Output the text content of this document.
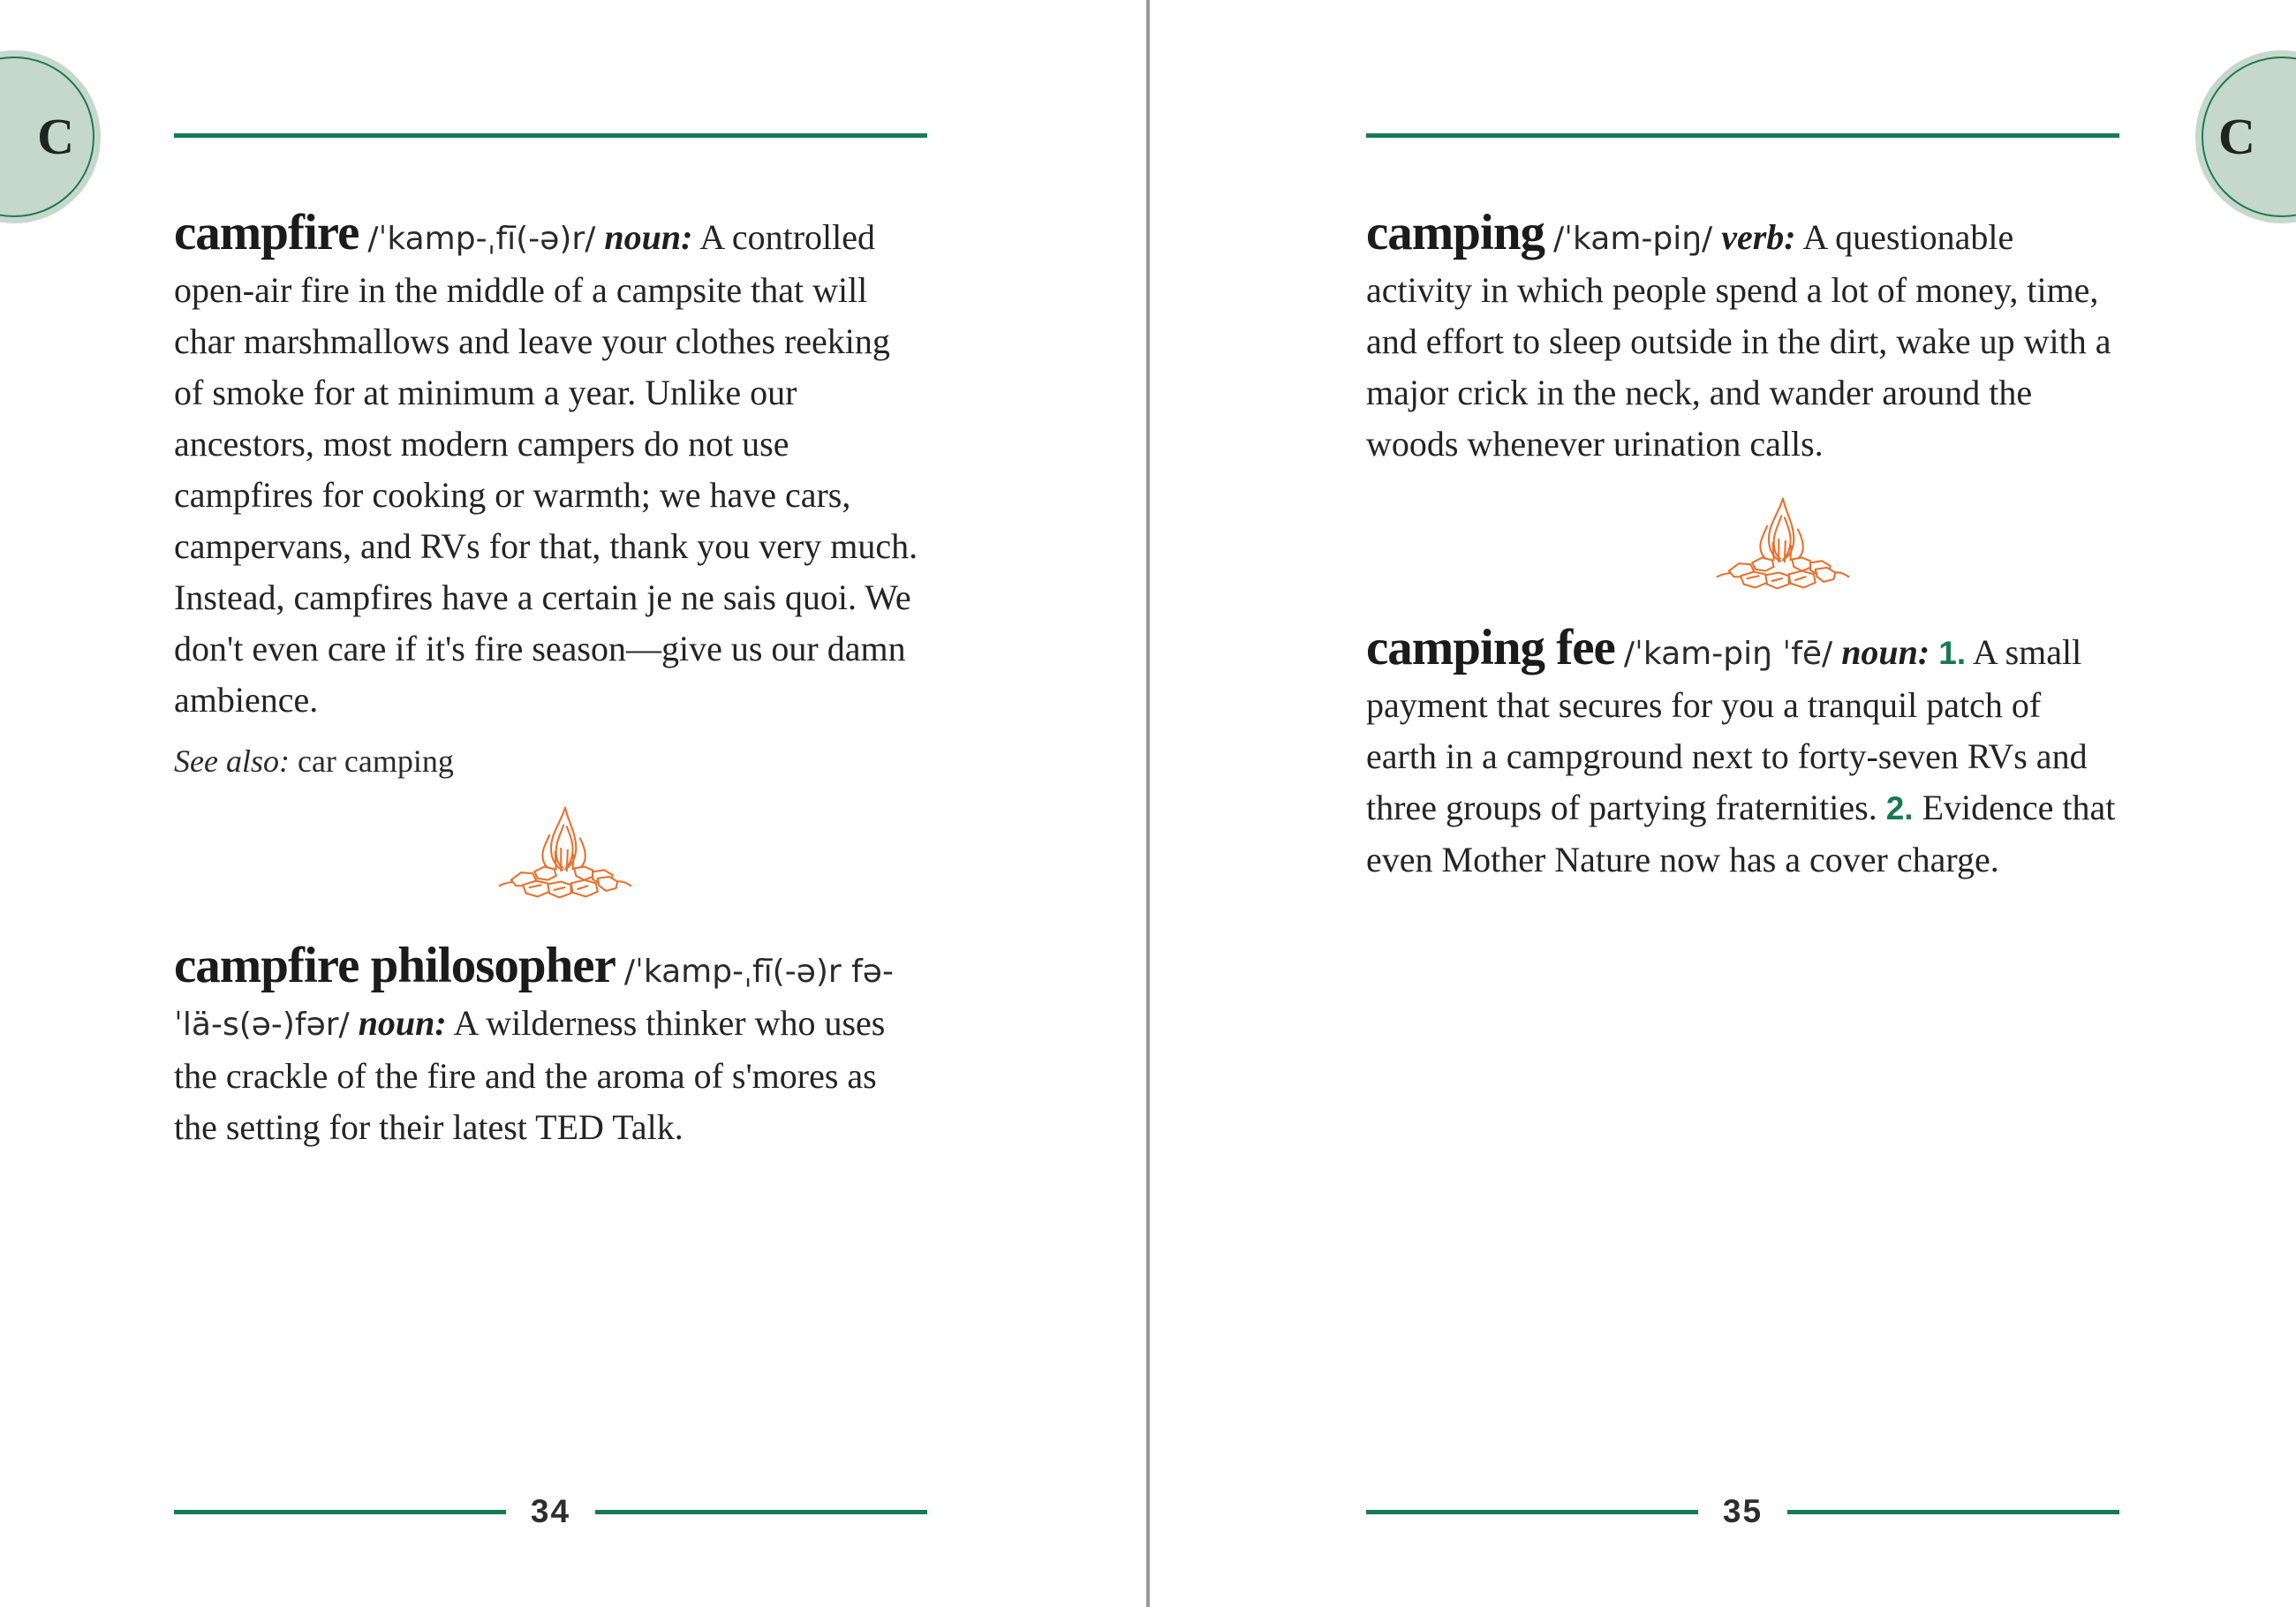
campfire /ˈkamp-ˌfī(-ə)r/ noun: A controlled open-air fire in the middle of a campsite that will char marshmallows and leave your clothes reeking of smoke for at minimum a year. Unlike our ancestors, most modern campers do not use campfires for cooking or warmth; we have cars, campervans, and RVs for that, thank you very much. Instead, campfires have a certain je ne sais quoi. We don't even care if it's fire season—give us our damn ambience.

See also: car camping

campfire philosopher /ˈkamp-ˌfī(-ə)r fə-ˈlä-s(ə-)fər/ noun: A wilderness thinker who uses the crackle of the fire and the aroma of s'mores as the setting for their latest TED Talk.

34

camping /ˈkam-piŋ/ verb: A questionable activity in which people spend a lot of money, time, and effort to sleep outside in the dirt, wake up with a major crick in the neck, and wander around the woods whenever urination calls.

camping fee /ˈkam-piŋ ˈfē/ noun: 1. A small payment that secures for you a tranquil patch of earth in a campground next to forty-seven RVs and three groups of partying fraternities. 2. Evidence that even Mother Nature now has a cover charge.

35
C	C
